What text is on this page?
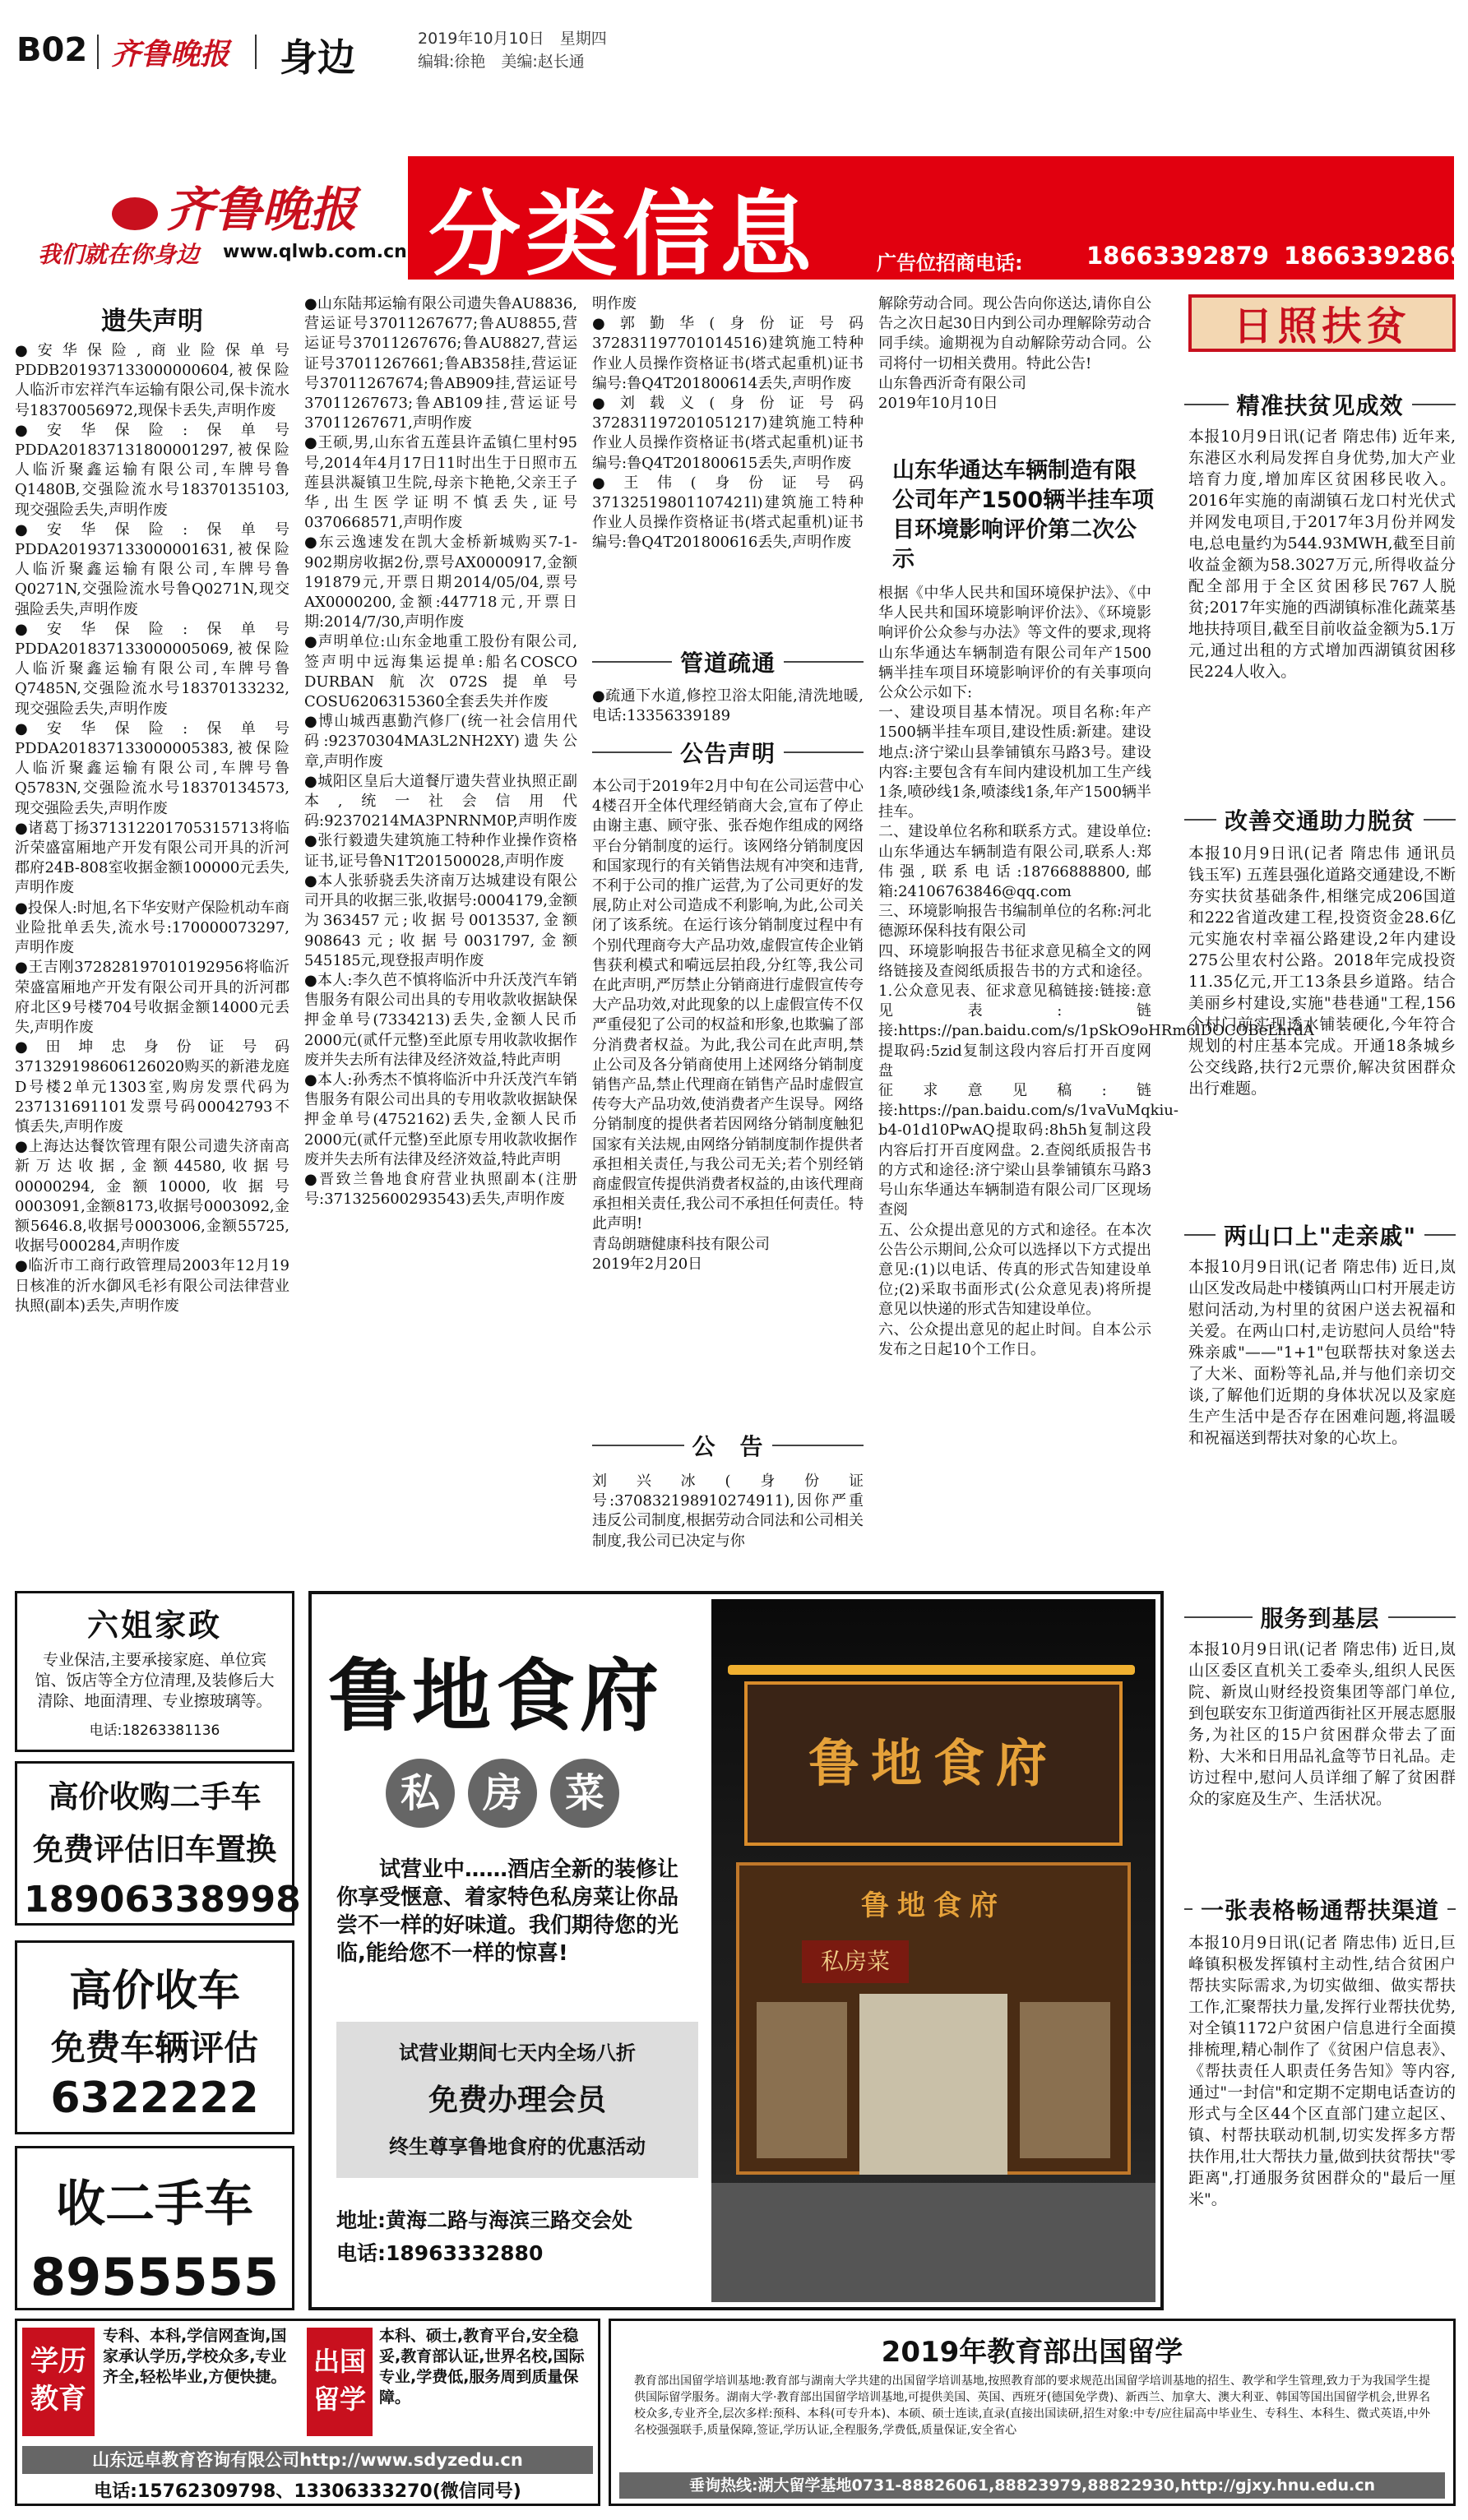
B02 齐鲁晚报 身边	2019年10月10日　星期四
编辑:徐艳　美编:赵长通
齐鲁晚报
我们就在你身边 www.qlwb.com.cn 分类信息	广告位招商电话:	18663392879 18663392869
遗失声明
●安华保险,商业险保单号PDDB201937133000000604,被保险人临沂市宏祥汽车运输有限公司,保卡流水号18370056972,现保卡丢失,声明作废
●安华保险:保单号PDDA201837131800001297,被保险人临沂聚鑫运输有限公司,车牌号鲁Q1480B,交强险流水号18370135103,现交强险丢失,声明作废
●安华保险:保单号PDDA201937133000001631,被保险人临沂聚鑫运输有限公司,车牌号鲁Q0271N,交强险流水号鲁Q0271N,现交强险丢失,声明作废
●安华保险:保单号PDDA201837133000005069,被保险人临沂聚鑫运输有限公司,车牌号鲁Q7485N,交强险流水号18370133232,现交强险丢失,声明作废
●安华保险:保单号PDDA201837133000005383,被保险人临沂聚鑫运输有限公司,车牌号鲁Q5783N,交强险流水号18370134573,现交强险丢失,声明作废
●诸葛丁扬371312201705315713将临沂荣盛富厢地产开发有限公司开具的沂河郡府24B-808室收据金额100000元丢失,声明作废
●投保人:时旭,名下华安财产保险机动车商业险批单丢失,流水号:170000073297,声明作废
●王吉刚372828197010192956将临沂荣盛富厢地产开发有限公司开具的沂河郡府北区9号楼704号收据金额14000元丢失,声明作废
●田坤忠身份证号码371329198606126020购买的新港龙庭D号楼2单元1303室,购房发票代码为237131691101发票号码00042793不慎丢失,声明作废
●上海达达餐饮管理有限公司遗失济南高新万达收据,金额44580,收据号00000294,金额10000,收据号0003091,金额8173,收据号0003092,金额5646.8,收据号0003006,金额55725,收据号000284,声明作废
●临沂市工商行政管理局2003年12月19日核准的沂水御风毛衫有限公司法律营业执照(副本)丢失,声明作废
●山东陆邦运输有限公司遗失鲁AU8836,营运证号37011267677;鲁AU8855,营运证号37011267676;鲁AU8827,营运证号37011267661;鲁AB358挂,营运证号37011267674;鲁AB909挂,营运证号37011267673;鲁AB109挂,营运证号37011267671,声明作废
●王硕,男,山东省五莲县许孟镇仁里村95号,2014年4月17日11时出生于日照市五莲县洪凝镇卫生院,母亲卞艳艳,父亲王子华,出生医学证明不慎丢失,证号0370668571,声明作废
●东云逸速发在凯大金桥新城购买7-1-902期房收据2份,票号AX0000917,金额191879元,开票日期2014/05/04,票号AX0000200,金额:447718元,开票日期:2014/7/30,声明作废
●声明单位:山东金地重工股份有限公司,签声明中远海集运提单:船名COSCO DURBAN航次072S提单号COSU6206315360全套丢失并作废
●博山城西惠勤汽修厂(统一社会信用代码:92370304MA3L2NH2XY)遗失公章,声明作废
●城阳区皇后大道餐厅遗失营业执照正副本,统一社会信用代码:92370214MA3PNRNM0P,声明作废
●张行毅遗失建筑施工特种作业操作资格证书,证号鲁N1T201500028,声明作废
●本人张骄骁丢失济南万达城建设有限公司开具的收据三张,收据号:0004179,金额为363457元;收据号0013537,金额908643元;收据号0031797,金额545185元,现登报声明作废
●本人:李久芭不慎将临沂中升沃茂汽车销售服务有限公司出具的专用收款收据缺保押金单号(7334213)丢失,金额人民币2000元(贰仟元整)至此原专用收款收据作废并失去所有法律及经济效益,特此声明
●本人:孙秀杰不慎将临沂中升沃茂汽车销售服务有限公司出具的专用收款收据缺保押金单号(4752162)丢失,金额人民币2000元(贰仟元整)至此原专用收款收据作废并失去所有法律及经济效益,特此声明
●晋致兰鲁地食府营业执照副本(注册号:371325600293543)丢失,声明作废
明作废
●郭勤华(身份证号码372831197701014516)建筑施工特种作业人员操作资格证书(塔式起重机)证书编号:鲁Q4T201800614丢失,声明作废
●刘载义(身份证号码372831197201051217)建筑施工特种作业人员操作资格证书(塔式起重机)证书编号:鲁Q4T201800615丢失,声明作废
●王伟(身份证号码37132519801107421l)建筑施工特种作业人员操作资格证书(塔式起重机)证书编号:鲁Q4T201800616丢失,声明作废
管道疏通
●疏通下水道,修控卫浴太阳能,清洗地暖,电话:13356339189
公告声明
本公司于2019年2月中旬在公司运营中心4楼召开全体代理经销商大会,宣布了停止由谢主惠、顾守张、张吞炮作组成的网络平台分销制度的运行。该网络分销制度因和国家现行的有关销售法规有冲突和违背,不利于公司的推广运营,为了公司更好的发展,防止对公司造成不利影响,为此,公司关闭了该系统。在运行该分销制度过程中有个别代理商夸大产品功效,虚假宣传企业销售获利模式和嗬远层拍段,分红等,我公司在此声明,严厉禁止分销商进行虚假宣传夸大产品功效,对此现象的以上虚假宣传不仅严重侵犯了公司的权益和形象,也欺骗了部分消费者权益。为此,我公司在此声明,禁止公司及各分销商使用上述网络分销制度销售产品,禁止代理商在销售产品时虚假宣传夸大产品功效,使消费者产生误导。网络分销制度的提供者若因网络分销制度触犯国家有关法规,由网络分销制度制作提供者承担相关责任,与我公司无关;若个别经销商虚假宣传提供消费者权益的,由该代理商承担相关责任,我公司不承担任何责任。特此声明!
青岛朗瑭健康科技有限公司
2019年2月20日
公　告
刘兴冰(身份证号:370832198910274911),因你严重违反公司制度,根据劳动合同法和公司相关制度,我公司已决定与你
解除劳动合同。现公告向你送达,请你自公告之次日起30日内到公司办理解除劳动合同手续。逾期视为自动解除劳动合同。公司将付一切相关费用。特此公告!
山东鲁西沂奇有限公司
2019年10月10日
山东华通达车辆制造有限公司年产1500辆半挂车项目环境影响评价第二次公示
根据《中华人民共和国环境保护法》、《中华人民共和国环境影响评价法》、《环境影响评价公众参与办法》等文件的要求,现将山东华通达车辆制造有限公司年产1500辆半挂车项目环境影响评价的有关事项向公众公示如下:
一、建设项目基本情况。项目名称:年产1500辆半挂车项目,建设性质:新建。建设地点:济宁梁山县拳铺镇东马路3号。建设内容:主要包含有车间内建设机加工生产线1条,喷砂线1条,喷漆线1条,年产1500辆半挂车。
二、建设单位名称和联系方式。建设单位:山东华通达车辆制造有限公司,联系人:郑伟强,联系电话:18766888800,邮箱:24106763846@qq.com
三、环境影响报告书编制单位的名称:河北德源环保科技有限公司
四、环境影响报告书征求意见稿全文的网络链接及查阅纸质报告书的方式和途径。1.公众意见表、征求意见稿链接:链接:意见表:链接:https://pan.baidu.com/s/1pSkO9oHRm6lDOCOBeLhrdA提取码:5zid复制这段内容后打开百度网盘
征求意见稿:链接:https://pan.baidu.com/s/1vaVuMqkiu-b4-01d10PwAQ提取码:8h5h复制这段内容后打开百度网盘。2.查阅纸质报告书的方式和途径:济宁梁山县拳铺镇东马路3号山东华通达车辆制造有限公司厂区现场查阅
五、公众提出意见的方式和途径。在本次公告公示期间,公众可以选择以下方式提出意见:(1)以电话、传真的形式告知建设单位;(2)采取书面形式(公众意见表)将所提意见以快递的形式告知建设单位。
六、公众提出意见的起止时间。自本公示发布之日起10个工作日。
日照扶贫
精准扶贫见成效
本报10月9日讯(记者 隋忠伟) 近年来,东港区水利局发挥自身优势,加大产业培育力度,增加库区贫困移民收入。2016年实施的南湖镇石龙口村光伏式并网发电项目,于2017年3月份并网发电,总电量约为544.93MWH,截至目前收益金额为58.3027万元,所得收益分配全部用于全区贫困移民767人脱贫;2017年实施的西湖镇标准化蔬菜基地扶持项目,截至目前收益金额为5.1万元,通过出租的方式增加西湖镇贫困移民224人收入。
改善交通助力脱贫
本报10月9日讯(记者 隋忠伟 通讯员 钱玉军) 五莲县强化道路交通建设,不断夯实扶贫基础条件,相继完成206国道和222省道改建工程,投资资金28.6亿元实施农村幸福公路建设,2年内建设275公里农村公路。2018年完成投资11.35亿元,开工13条县乡道路。结合美丽乡村建设,实施"巷巷通"工程,156个村门前实现透水铺装硬化,今年符合规划的村庄基本完成。开通18条城乡公交线路,扶行2元票价,解决贫困群众出行难题。
两山口上"走亲戚"
本报10月9日讯(记者 隋忠伟) 近日,岚山区发改局赴中楼镇两山口村开展走访慰问活动,为村里的贫困户送去祝福和关爱。在两山口村,走访慰问人员给"特殊亲戚"——"1+1"包联帮扶对象送去了大米、面粉等礼品,并与他们亲切交谈,了解他们近期的身体状况以及家庭生产生活中是否存在困难问题,将温暖和祝福送到帮扶对象的心坎上。
服务到基层
本报10月9日讯(记者 隋忠伟) 近日,岚山区委区直机关工委牵头,组织人民医院、新岚山财经投资集团等部门单位,到包联安东卫街道西街社区开展志愿服务,为社区的15户贫困群众带去了面粉、大米和日用品礼盒等节日礼品。走访过程中,慰问人员详细了解了贫困群众的家庭及生产、生活状况。
一张表格畅通帮扶渠道
本报10月9日讯(记者 隋忠伟) 近日,巨峰镇积极发挥镇村主动性,结合贫困户帮扶实际需求,为切实做细、做实帮扶工作,汇聚帮扶力量,发挥行业帮扶优势,对全镇1172户贫困户信息进行全面摸排梳理,精心制作了《贫困户信息表》、《帮扶责任人职责任务告知》等内容,通过"一封信"和定期不定期电话查访的形式与全区44个区直部门建立起区、镇、村帮扶联动机制,切实发挥多方帮扶作用,壮大帮扶力量,做到扶贫帮扶"零距离",打通服务贫困群众的"最后一厘米"。
六姐家政
专业保洁,主要承接家庭、单位宾馆、饭店等全方位清理,及装修后大清除、地面清理、专业擦玻璃等。
电话:18263381136
高价收购二手车
免费评估旧车置换
18906338998
高价收车
免费车辆评估
6322222
收二手车
8955555
鲁地食府
私	房	菜
试营业中……酒店全新的装修让你享受惬意、着家特色私房菜让你品尝不一样的好味道。我们期待您的光临,能给您不一样的惊喜!
试营业期间七天内全场八折
免费办理会员
终生尊享鲁地食府的优惠活动
地址:黄海二路与海滨三路交会处
电话:18963332880
鲁地食府
鲁地食府
私房菜
学历
教育
专科、本科,学信网查询,国家承认学历,学校众多,专业齐全,轻松毕业,方便快捷。	出国
留学
本科、硕士,教育平台,安全稳妥,教育部认证,世界名校,国际专业,学费低,服务周到质量保障。
山东远卓教育咨询有限公司http://www.sdyzedu.cn
电话:15762309798、13306333270(微信同号)
2019年教育部出国留学
教育部出国留学培训基地:教育部与湖南大学共建的出国留学培训基地,按照教育部的要求规范出国留学培训基地的招生、教学和学生管理,致力于为我国学生提供国际留学服务。湖南大学·教育部出国留学培训基地,可提供美国、英国、西班牙(德国免学费)、新西兰、加拿大、澳大利亚、韩国等国出国留学机会,世界名校众多,专业齐全,层次多样:预科、本科(可专升本)、本硕、硕士连读,直录(直接出国读研,招生对象:中专/应往届高中毕业生、专科生、本科生、微式英语,中外名校强强联手,质量保障,签证,学历认证,全程服务,学费低,质量保证,安全省心
垂询热线:湖大留学基地0731-88826061,88823979,88822930,http://gjxy.hnu.edu.cn
